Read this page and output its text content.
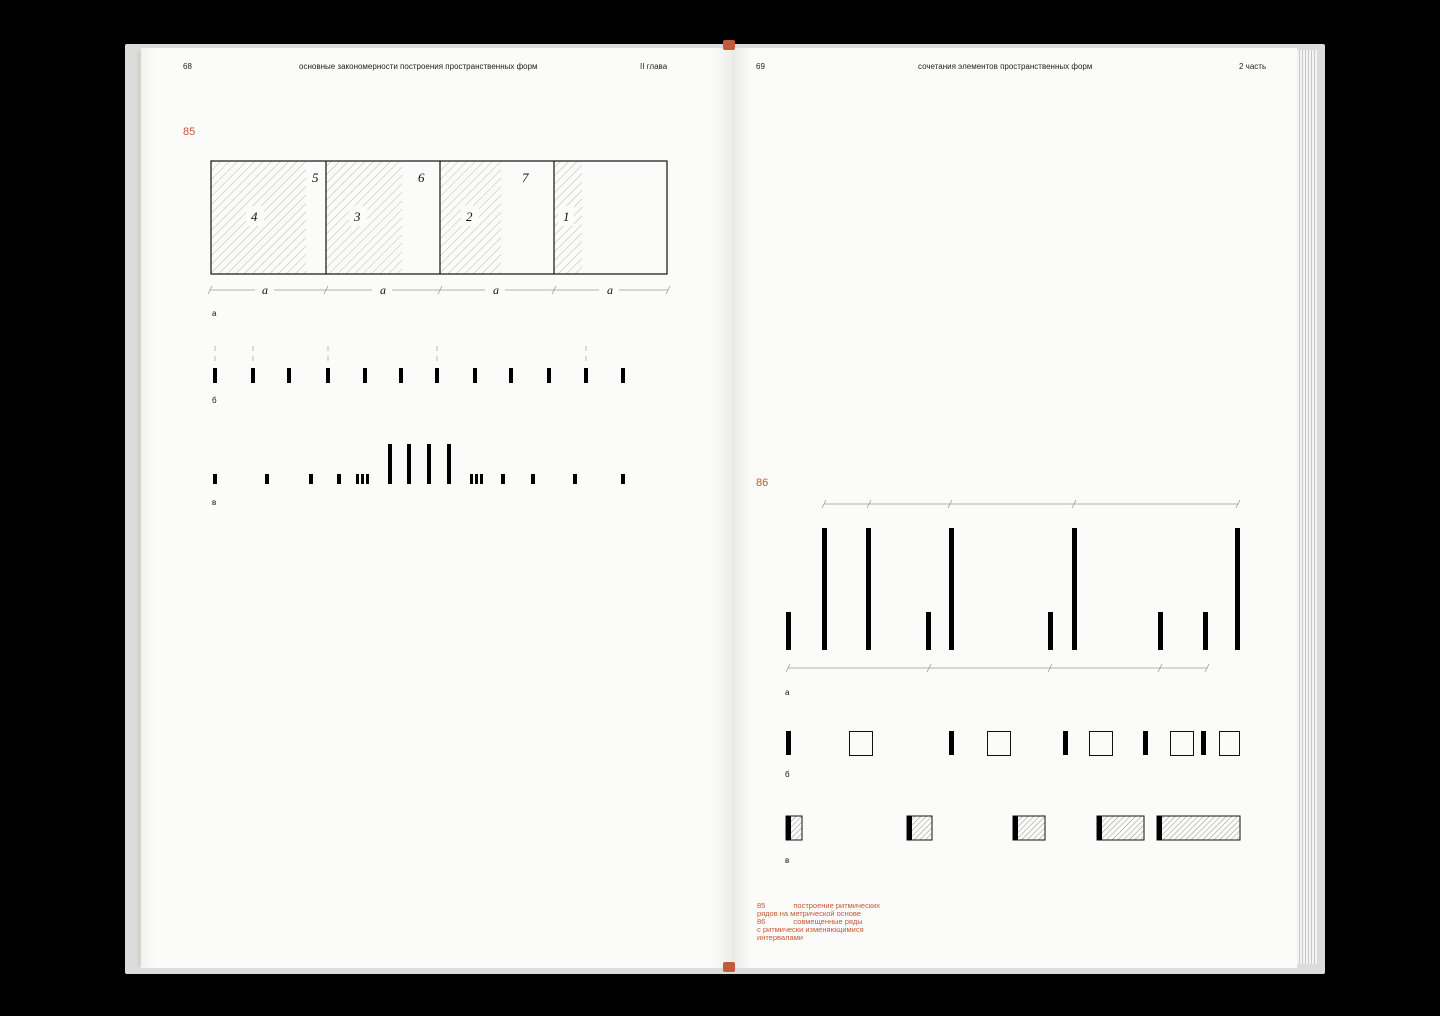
68	основные закономерности построения пространственных форм	II глава	69	сочетания элементов пространственных форм	2 часть
85
86
а
б
в
а
б
в
85	построение ритмических
рядов на метрической основе
86	совмещенные ряды
с ритмически изменяющимися
интервалами
4
5
3
6
2
7
1
a	a	a	a
